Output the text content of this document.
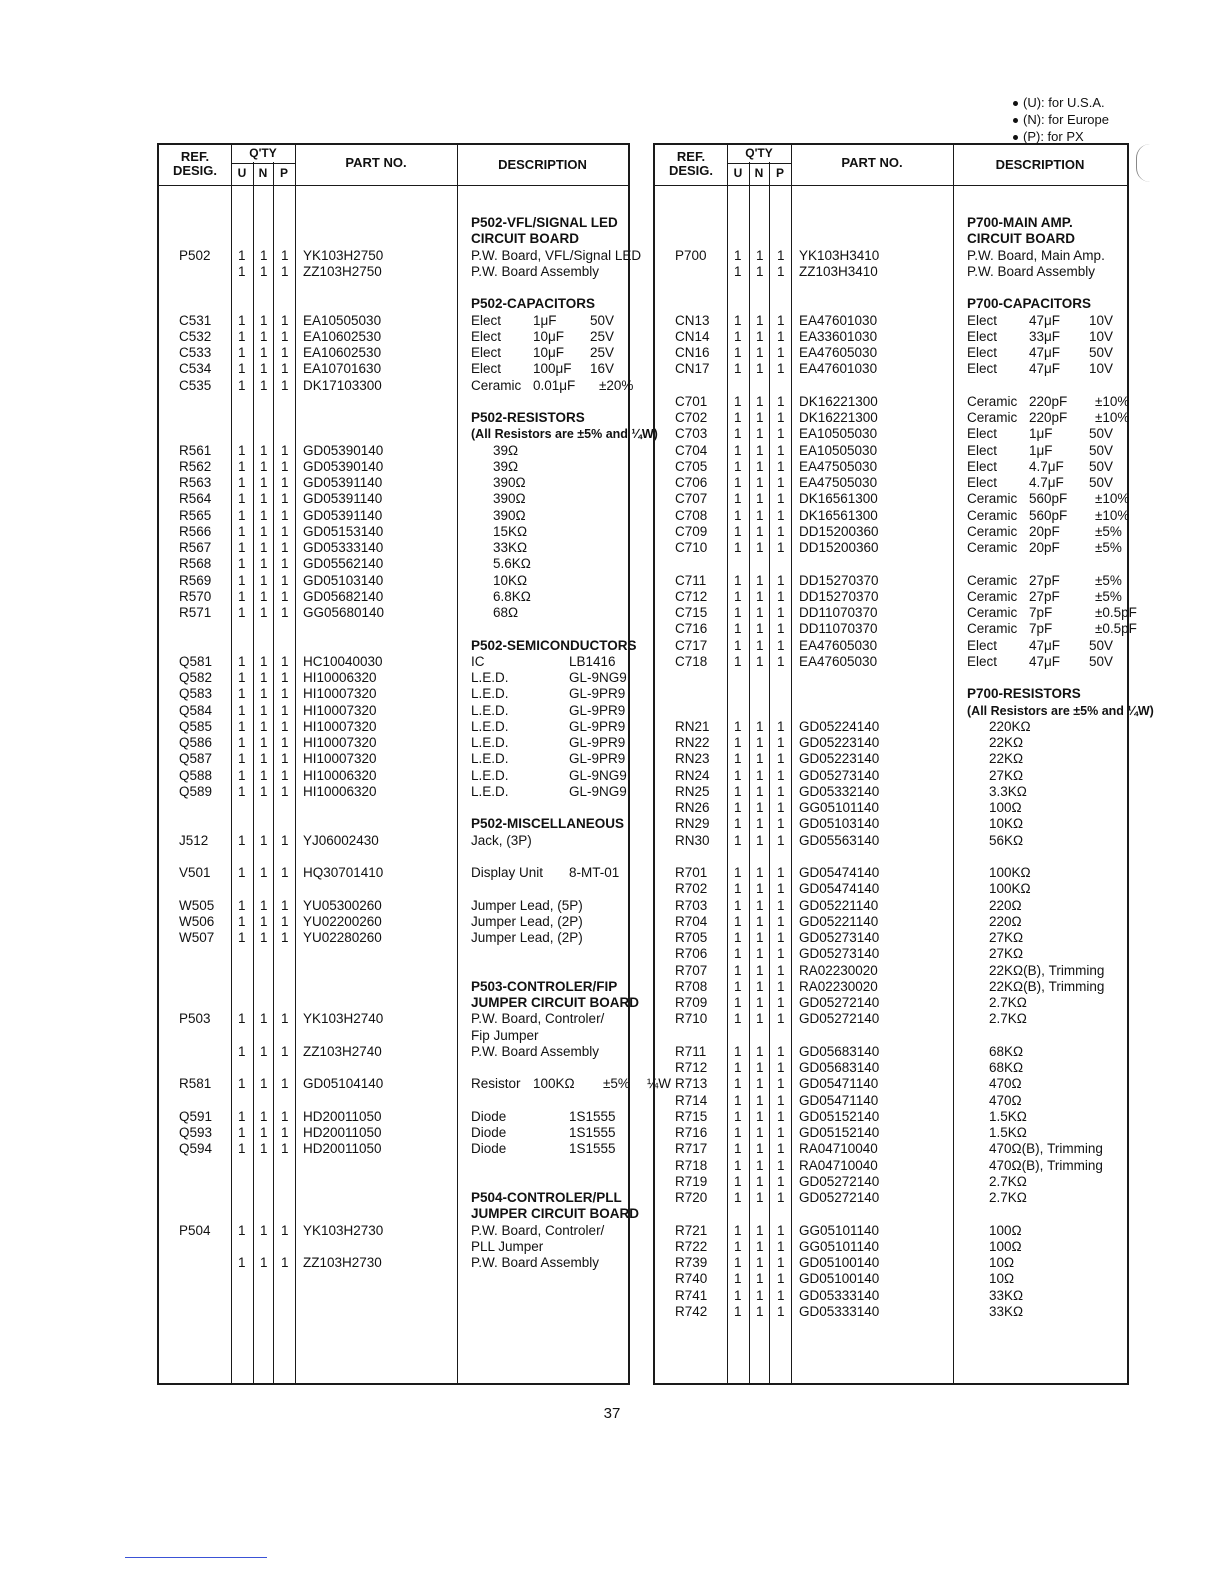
(U): for U.S.A.
(N): for Europe
(P): for PX
REF.
DESIG.
Q'TY
U	N	P
PART NO.	DESCRIPTION
P502-VFL/SIGNAL LED
CIRCUIT BOARD
P502 1 1 1 YK103H2750	P.W. Board, VFL/Signal LED
1 1 1 ZZ103H2750	P.W. Board Assembly
P502-CAPACITORS
C531 1 1 1 EA10505030	Elect 1μF 50V
C532 1 1 1 EA10602530	Elect 10μF 25V
C533 1 1 1 EA10602530	Elect 10μF 25V
C534 1 1 1 EA10701630	Elect 100μF 16V
C535 1 1 1 DK17103300	Ceramic 0.01μF ±20%
P502-RESISTORS
(All Resistors are ±5% and ¼W)
R561 1 1 1 GD05390140	39Ω
R562 1 1 1 GD05390140	39Ω
R563 1 1 1 GD05391140	390Ω
R564 1 1 1 GD05391140	390Ω
R565 1 1 1 GD05391140	390Ω
R566 1 1 1 GD05153140	15KΩ
R567 1 1 1 GD05333140	33KΩ
R568 1 1 1 GD05562140	5.6KΩ
R569 1 1 1 GD05103140	10KΩ
R570 1 1 1 GD05682140	6.8KΩ
R571 1 1 1 GG05680140	68Ω
P502-SEMICONDUCTORS
Q581 1 1 1 HC10040030	IC	LB1416
Q582 1 1 1 HI10006320	L.E.D.	GL-9NG9
Q583 1 1 1 HI10007320	L.E.D.	GL-9PR9
Q584 1 1 1 HI10007320	L.E.D.	GL-9PR9
Q585 1 1 1 HI10007320	L.E.D.	GL-9PR9
Q586 1 1 1 HI10007320	L.E.D.	GL-9PR9
Q587 1 1 1 HI10007320	L.E.D.	GL-9PR9
Q588 1 1 1 HI10006320	L.E.D.	GL-9NG9
Q589 1 1 1 HI10006320	L.E.D.	GL-9NG9
P502-MISCELLANEOUS
J512 1 1 1 YJ06002430	Jack, (3P)
V501 1 1 1 HQ30701410	Display Unit 8-MT-01
W505 1 1 1 YU05300260	Jumper Lead, (5P)
W506 1 1 1 YU02200260	Jumper Lead, (2P)
W507 1 1 1 YU02280260	Jumper Lead, (2P)
P503-CONTROLER/FIP
JUMPER CIRCUIT BOARD
P503 1 1 1 YK103H2740	P.W. Board, Controler/
Fip Jumper
1 1 1 ZZ103H2740	P.W. Board Assembly
R581 1 1 1 GD05104140	Resistor 100KΩ ±5% ¼W
Q591 1 1 1 HD20011050	Diode	1S1555
Q593 1 1 1 HD20011050	Diode	1S1555
Q594 1 1 1 HD20011050	Diode	1S1555
P504-CONTROLER/PLL
JUMPER CIRCUIT BOARD
P504 1 1 1 YK103H2730	P.W. Board, Controler/
PLL Jumper
1 1 1 ZZ103H2730	P.W. Board Assembly
REF.
DESIG.
Q'TY
U	N	P
PART NO.	DESCRIPTION
P700-MAIN AMP.
CIRCUIT BOARD
P700 1 1 1 YK103H3410	P.W. Board, Main Amp.
1 1 1 ZZ103H3410	P.W. Board Assembly
P700-CAPACITORS
CN13 1 1 1 EA47601030	Elect 47μF 10V
CN14 1 1 1 EA33601030	Elect 33μF 10V
CN16 1 1 1 EA47605030	Elect 47μF 50V
CN17 1 1 1 EA47601030	Elect 47μF 10V
C701 1 1 1 DK16221300	Ceramic 220pF ±10%
C702 1 1 1 DK16221300	Ceramic 220pF ±10%
C703 1 1 1 EA10505030	Elect 1μF	50V
C704 1 1 1 EA10505030	Elect 1μF	50V
C705 1 1 1 EA47505030	Elect 4.7μF 50V
C706 1 1 1 EA47505030	Elect 4.7μF 50V
C707 1 1 1 DK16561300	Ceramic 560pF ±10%
C708 1 1 1 DK16561300	Ceramic 560pF ±10%
C709 1 1 1 DD15200360	Ceramic 20pF	±5%
C710 1 1 1 DD15200360	Ceramic 20pF	±5%
C711 1 1 1 DD15270370	Ceramic 27pF	±5%
C712 1 1 1 DD15270370	Ceramic 27pF	±5%
C715 1 1 1 DD11070370	Ceramic 7pF	±0.5pF
C716 1 1 1 DD11070370	Ceramic 7pF	±0.5pF
C717 1 1 1 EA47605030	Elect 47μF 50V
C718 1 1 1 EA47605030	Elect 47μF 50V
P700-RESISTORS
(All Resistors are ±5% and ¼W)
RN21 1 1 1 GD05224140	220KΩ
RN22 1 1 1 GD05223140	22KΩ
RN23 1 1 1 GD05223140	22KΩ
RN24 1 1 1 GD05273140	27KΩ
RN25 1 1 1 GD05332140	3.3KΩ
RN26 1 1 1 GG05101140	100Ω
RN29 1 1 1 GD05103140	10KΩ
RN30 1 1 1 GD05563140	56KΩ
R701 1 1 1 GD05474140	100KΩ
R702 1 1 1 GD05474140	100KΩ
R703 1 1 1 GD05221140	220Ω
R704 1 1 1 GD05221140	220Ω
R705 1 1 1 GD05273140	27KΩ
R706 1 1 1 GD05273140	27KΩ
R707 1 1 1 RA02230020	22KΩ(B), Trimming
R708 1 1 1 RA02230020	22KΩ(B), Trimming
R709 1 1 1 GD05272140	2.7KΩ
R710 1 1 1 GD05272140	2.7KΩ
R711 1 1 1 GD05683140	68KΩ
R712 1 1 1 GD05683140	68KΩ
R713 1 1 1 GD05471140	470Ω
R714 1 1 1 GD05471140	470Ω
R715 1 1 1 GD05152140	1.5KΩ
R716 1 1 1 GD05152140	1.5KΩ
R717 1 1 1 RA04710040	470Ω(B), Trimming
R718 1 1 1 RA04710040	470Ω(B), Trimming
R719 1 1 1 GD05272140	2.7KΩ
R720 1 1 1 GD05272140	2.7KΩ
R721 1 1 1 GG05101140	100Ω
R722 1 1 1 GG05101140	100Ω
R739 1 1 1 GD05100140	10Ω
R740 1 1 1 GD05100140	10Ω
R741 1 1 1 GD05333140	33KΩ
R742 1 1 1 GD05333140	33KΩ
37
